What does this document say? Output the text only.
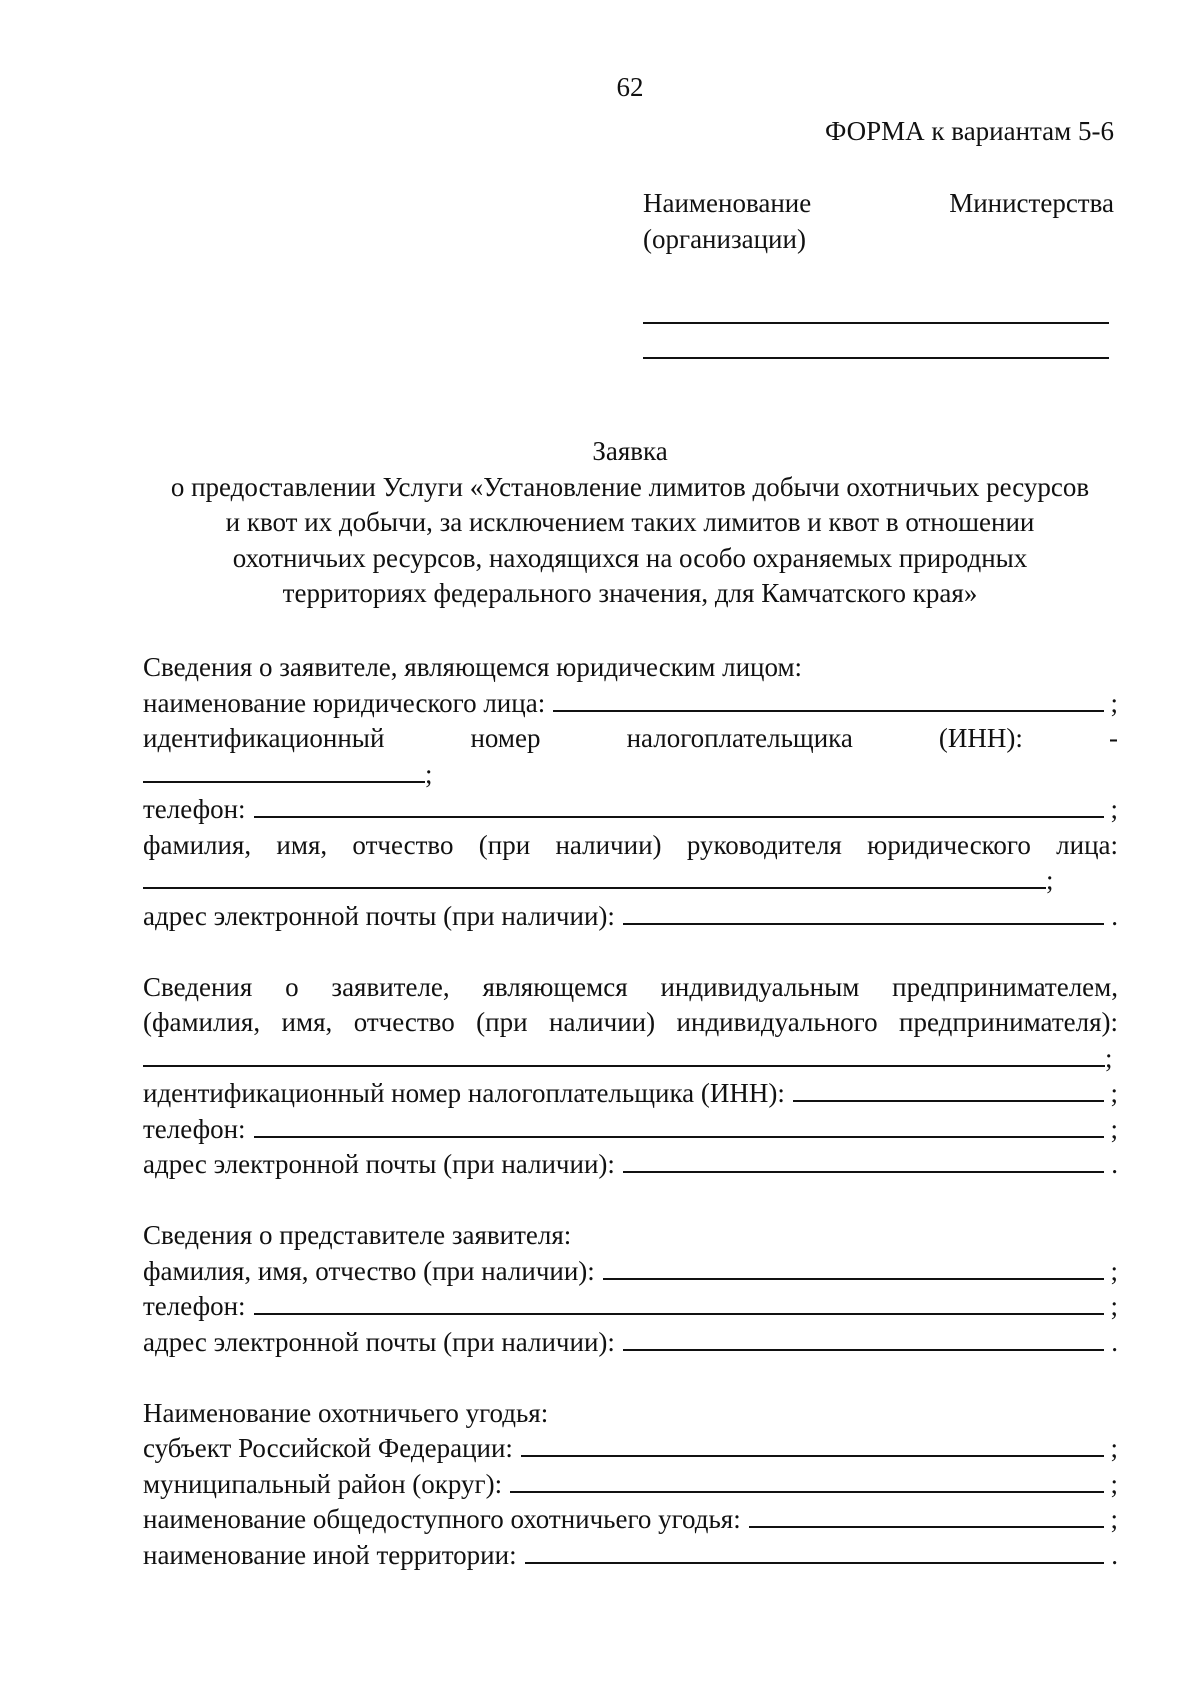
62
ФОРМА к вариантам 5-6
Наименование	Министерства
(организации)
Заявка
о предоставлении Услуги «Установление лимитов добычи охотничьих ресурсов
и квот их добычи, за исключением таких лимитов и квот в отношении
охотничьих ресурсов, находящихся на особо охраняемых природных
территориях федерального значения, для Камчатского края»
Сведения о заявителе, являющемся юридическим лицом:
наименование юридического лица:	;
идентификационный номер налогоплательщика (ИНН): -
;
телефон:	;
фамилия, имя, отчество (при наличии) руководителя юридического лица:
;
адрес электронной почты (при наличии):	.
Сведения о заявителе, являющемся индивидуальным предпринимателем,
(фамилия, имя, отчество (при наличии) индивидуального предпринимателя):
;
идентификационный номер налогоплательщика (ИНН):	;
телефон:	;
адрес электронной почты (при наличии):	.
Сведения о представителе заявителя:
фамилия, имя, отчество (при наличии):	;
телефон:	;
адрес электронной почты (при наличии):	.
Наименование охотничьего угодья:
субъект Российской Федерации:	;
муниципальный район (округ):	;
наименование общедоступного охотничьего угодья:	;
наименование иной территории:	.
